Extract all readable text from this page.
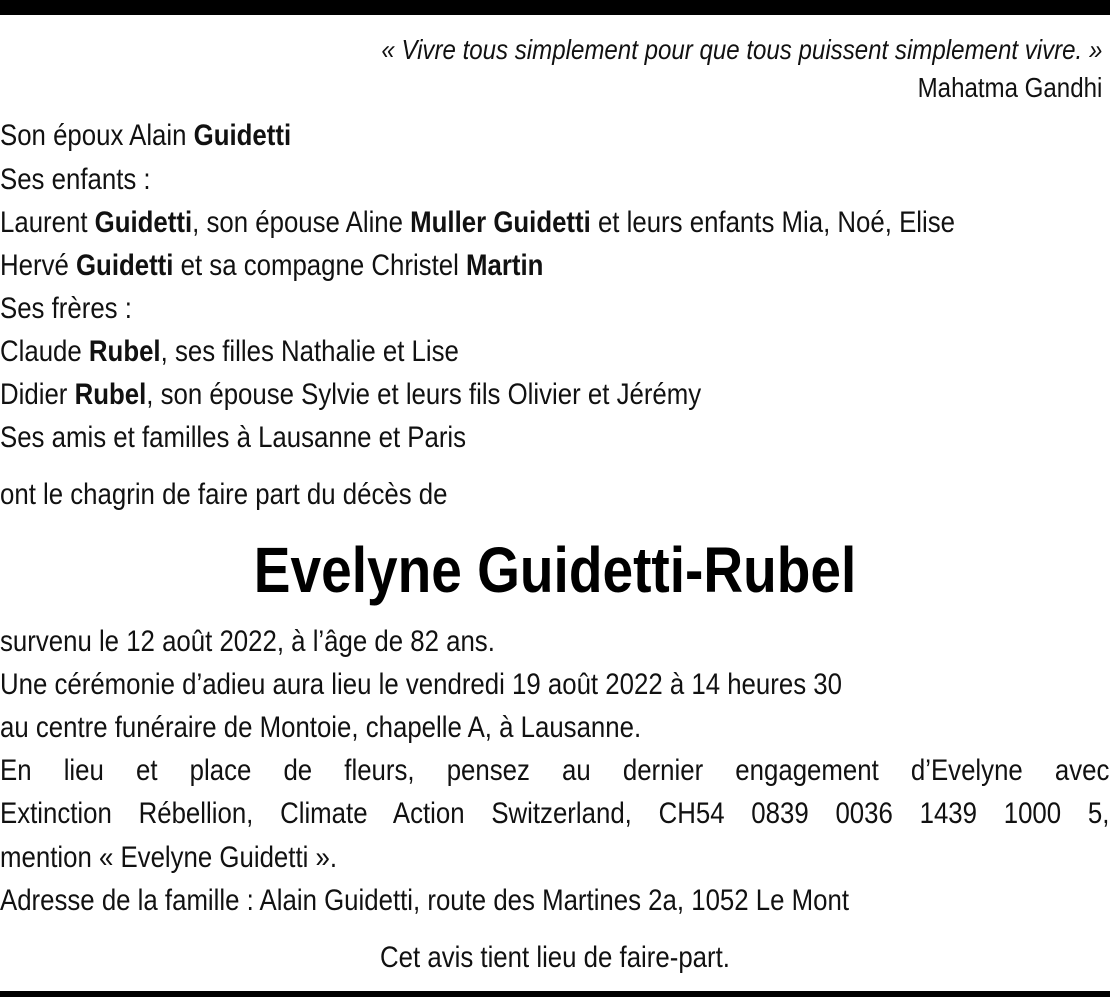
« Vivre tous simplement pour que tous puissent simplement vivre. »
Mahatma Gandhi
Son époux Alain Guidetti
Ses enfants :
Laurent Guidetti, son épouse Aline Muller Guidetti et leurs enfants Mia, Noé, Elise
Hervé Guidetti et sa compagne Christel Martin
Ses frères :
Claude Rubel, ses filles Nathalie et Lise
Didier Rubel, son épouse Sylvie et leurs fils Olivier et Jérémy
Ses amis et familles à Lausanne et Paris
ont le chagrin de faire part du décès de
Evelyne Guidetti-Rubel
survenu le 12 août 2022, à l’âge de 82 ans.
Une cérémonie d’adieu aura lieu le vendredi 19 août 2022 à 14 heures 30
au centre funéraire de Montoie, chapelle A, à Lausanne.
En lieu et place de fleurs, pensez au dernier engagement d’Evelyne avec
Extinction Rébellion, Climate Action Switzerland, CH54 0839 0036 1439 1000 5,
mention « Evelyne Guidetti ».
Adresse de la famille : Alain Guidetti, route des Martines 2a, 1052 Le Mont
Cet avis tient lieu de faire-part.
